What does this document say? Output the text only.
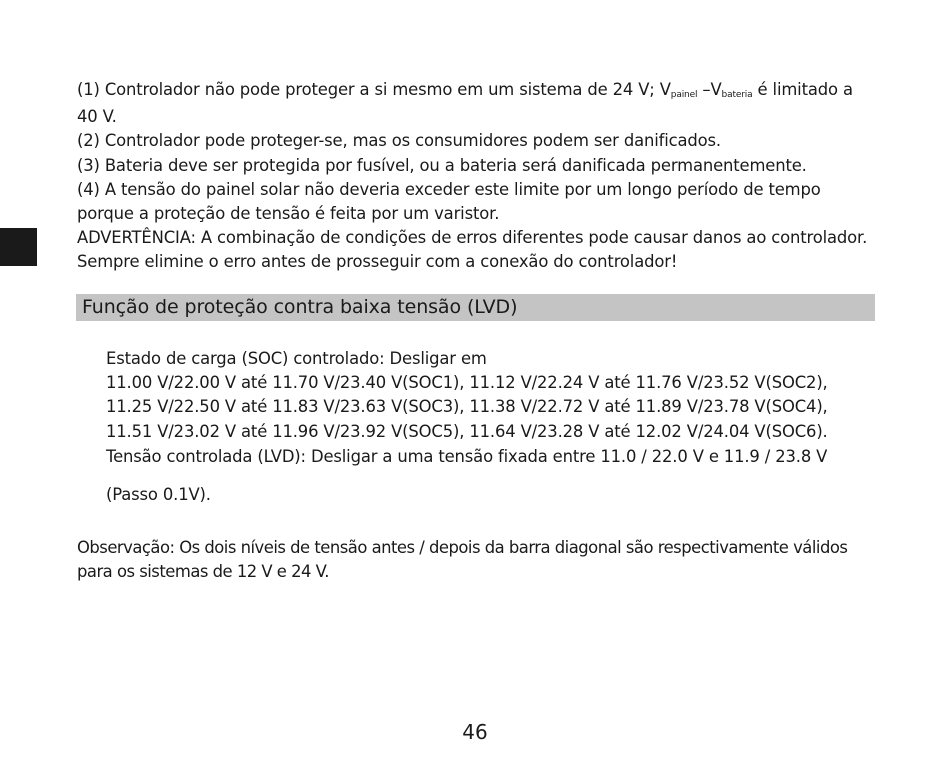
(1) Controlador não pode proteger a si mesmo em um sistema de 24 V; $V_{painel}$ $-V_{bateria}$ é limitado a 40 V.

(2) Controlador pode proteger-se, mas os consumidores podem ser danificados.

(3) Bateria deve ser protegida por fusível, ou a bateria será danificada permanentemente.

(4) A tensão do painel solar não deveria exceder este limite por um longo período de tempo porque a proteção de tensão é feita por um varistor.

ADVERTÊNCIA: A combinação de condições de erros diferentes pode causar danos ao controlador. Sempre elimine o erro antes de prosseguir com a conexão do controlador!

Função de proteção contra baixa tensão (LVD)

Estado de carga (SOC) controlado: Desligar em

11.00 V/22.00 V até 11.70 V/23.40 V(SOC1), 11.12 V/22.24 V até 11.76 V/23.52 V(SOC2),

11.25 V/22.50 V até 11.83 V/23.63 V(SOC3), 11.38 V/22.72 V até 11.89 V/23.78 V(SOC4),

11.51 V/23.02 V até 11.96 V/23.92 V(SOC5), 11.64 V/23.28 V até 12.02 V/24.04 V(SOC6).

Tensão controlada (LVD): Desligar a uma tensão fixada entre 11.0 / 22.0 V e 11.9 / 23.8 V

(Passo 0.1V).

Observação: Os dois níveis de tensão antes / depois da barra diagonal são respectivamente válidos para os sistemas de 12 V e 24 V.

46
